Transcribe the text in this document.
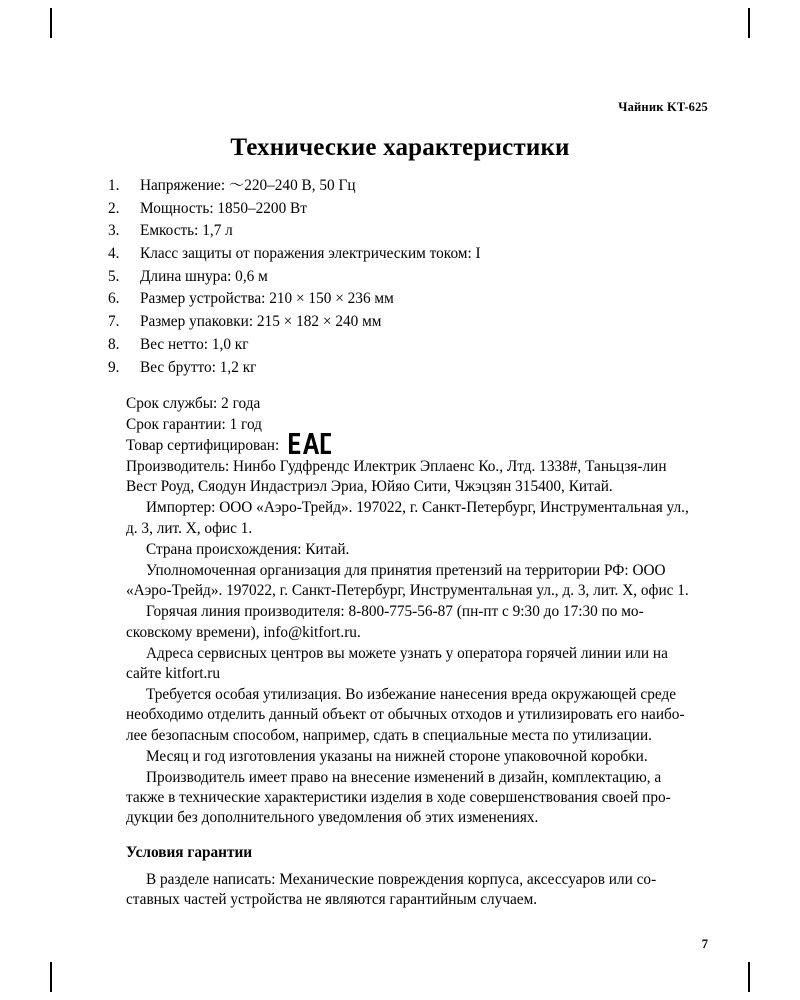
Чайник KT-625
Технические характеристики
1.	Напряжение: 〜220–240 В, 50 Гц
2.	Мощность: 1850–2200 Вт
3.	Емкость: 1,7 л
4.	Класс защиты от поражения электрическим током: I
5.	Длина шнура: 0,6 м
6.	Размер устройства: 210 × 150 × 236 мм
7.	Размер упаковки: 215 × 182 × 240 мм
8.	Вес нетто: 1,0 кг
9.	Вес брутто: 1,2 кг

Срок службы: 2 года

Срок гарантии: 1 год

Товар сертифицирован:

Производитель: Нинбо Гудфрендс Илектрик Эплаенс Ко., Лтд. 1338#, Таньцзя-лин Вест Роуд, Сяодун Индастриэл Эриа, Юйяо Сити, Чжэцзян 315400, Китай.

Импортер: ООО «Аэро-Трейд». 197022, г. Санкт-Петербург, Инструментальная ул., д. 3, лит. Х, офис 1.

Страна происхождения: Китай.

Уполномоченная организация для принятия претензий на территории РФ: ООО «Аэро-Трейд». 197022, г. Санкт-Петербург, Инструментальная ул., д. 3, лит. Х, офис 1.

Горячая линия производителя: 8-800-775-56-87 (пн-пт с 9:30 до 17:30 по мо-сковскому времени), info@kitfort.ru.

Адреса сервисных центров вы можете узнать у оператора горячей линии или на сайте kitfort.ru

Требуется особая утилизация. Во избежание нанесения вреда окружающей среде необходимо отделить данный объект от обычных отходов и утилизировать его наибо-лее безопасным способом, например, сдать в специальные места по утилизации.

Месяц и год изготовления указаны на нижней стороне упаковочной коробки.

Производитель имеет право на внесение изменений в дизайн, комплектацию, а также в технические характеристики изделия в ходе совершенствования своей про-дукции без дополнительного уведомления об этих изменениях.

Условия гарантии

В разделе написать: Механические повреждения корпуса, аксессуаров или со-ставных частей устройства не являются гарантийным случаем.

7
